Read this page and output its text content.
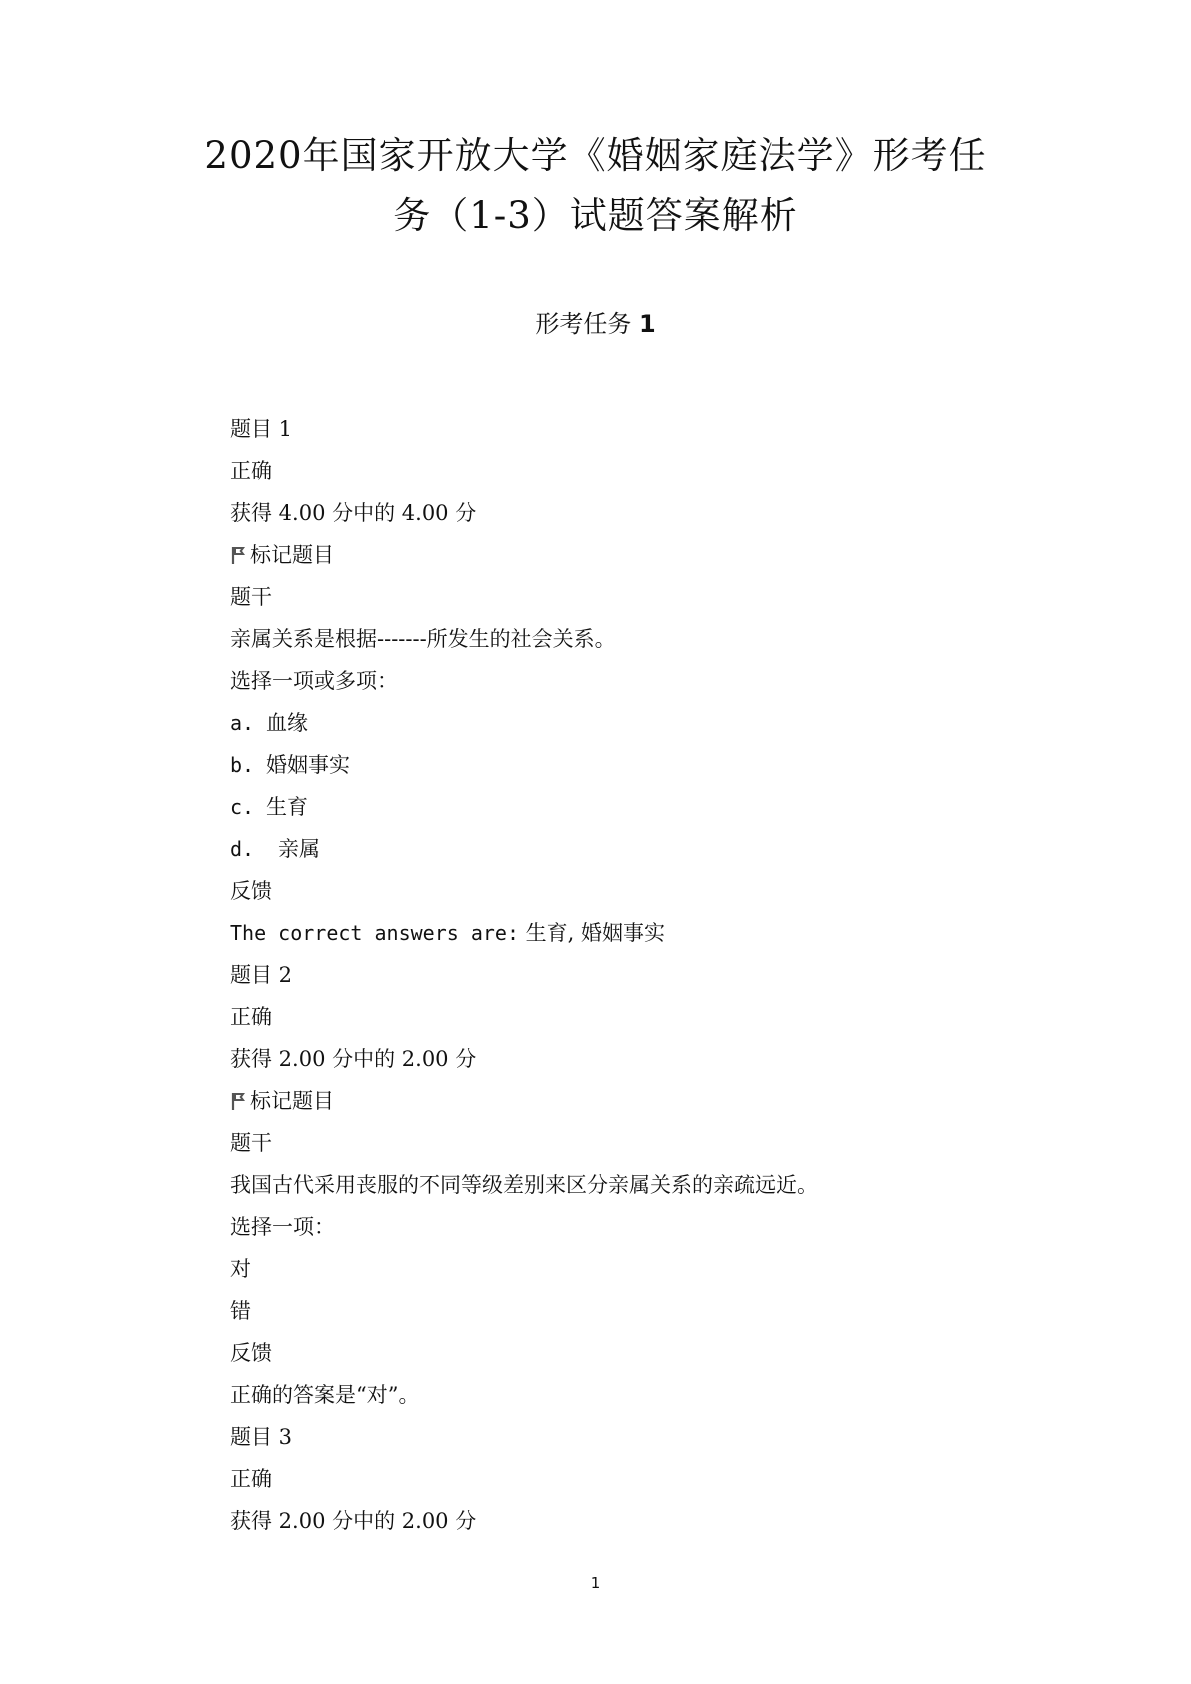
2020年国家开放大学《婚姻家庭法学》形考任
务（1-3）试题答案解析
形考任务 1
题目 1
正确
获得 4.00 分中的 4.00 分
标记题目
题干
亲属关系是根据-------所发生的社会关系。
选择一项或多项：
a. 血缘
b. 婚姻事实
c. 生育
d. 亲属
反馈
The correct answers are: 生育, 婚姻事实
题目 2
正确
获得 2.00 分中的 2.00 分
标记题目
题干
我国古代采用丧服的不同等级差别来区分亲属关系的亲疏远近。
选择一项：
对
错
反馈
正确的答案是“对”。
题目 3
正确
获得 2.00 分中的 2.00 分
1
